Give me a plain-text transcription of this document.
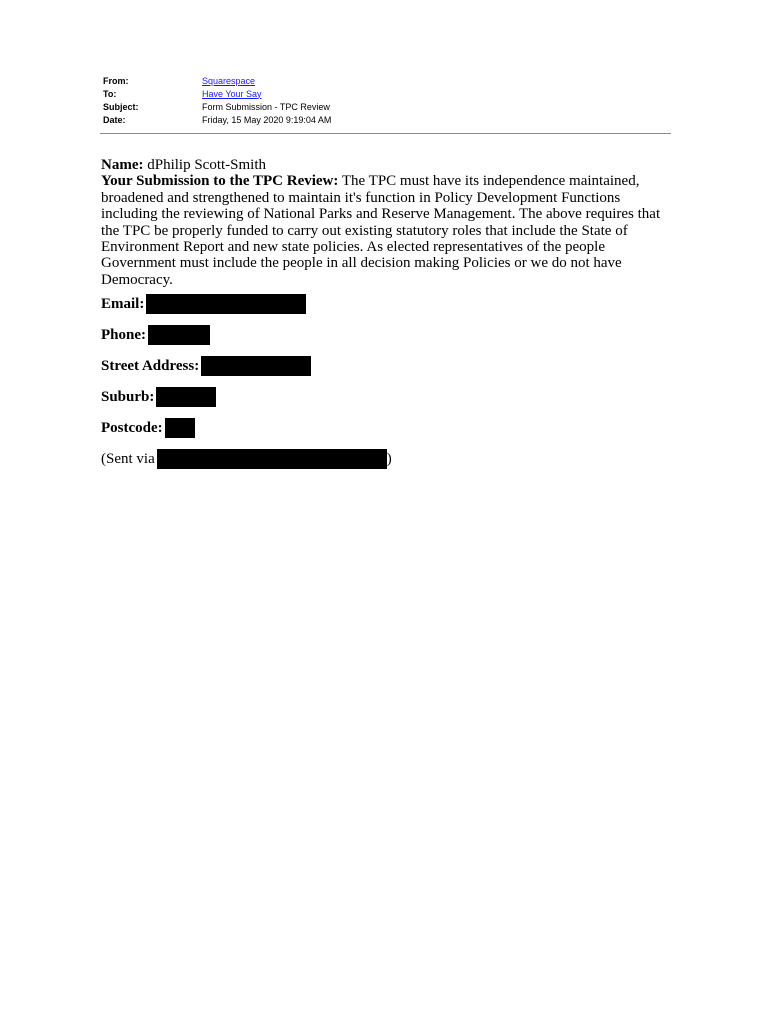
From:	Squarespace
To:	Have Your Say
Subject:	Form Submission - TPC Review
Date:	Friday, 15 May 2020 9:19:04 AM

Name: dPhilip Scott-Smith

Your Submission to the TPC Review: The TPC must have its independence maintained, broadened and strengthened to maintain it's function in Policy Development Functions including the reviewing of National Parks and Reserve Management. The above requires that the TPC be properly funded to carry out existing statutory roles that include the State of Environment Report and new state policies. As elected representatives of the people Government must include the people in all decision making Policies or we do not have Democracy.

Email:
Phone:
Street Address:
Suburb:
Postcode:
(Sent via	)
